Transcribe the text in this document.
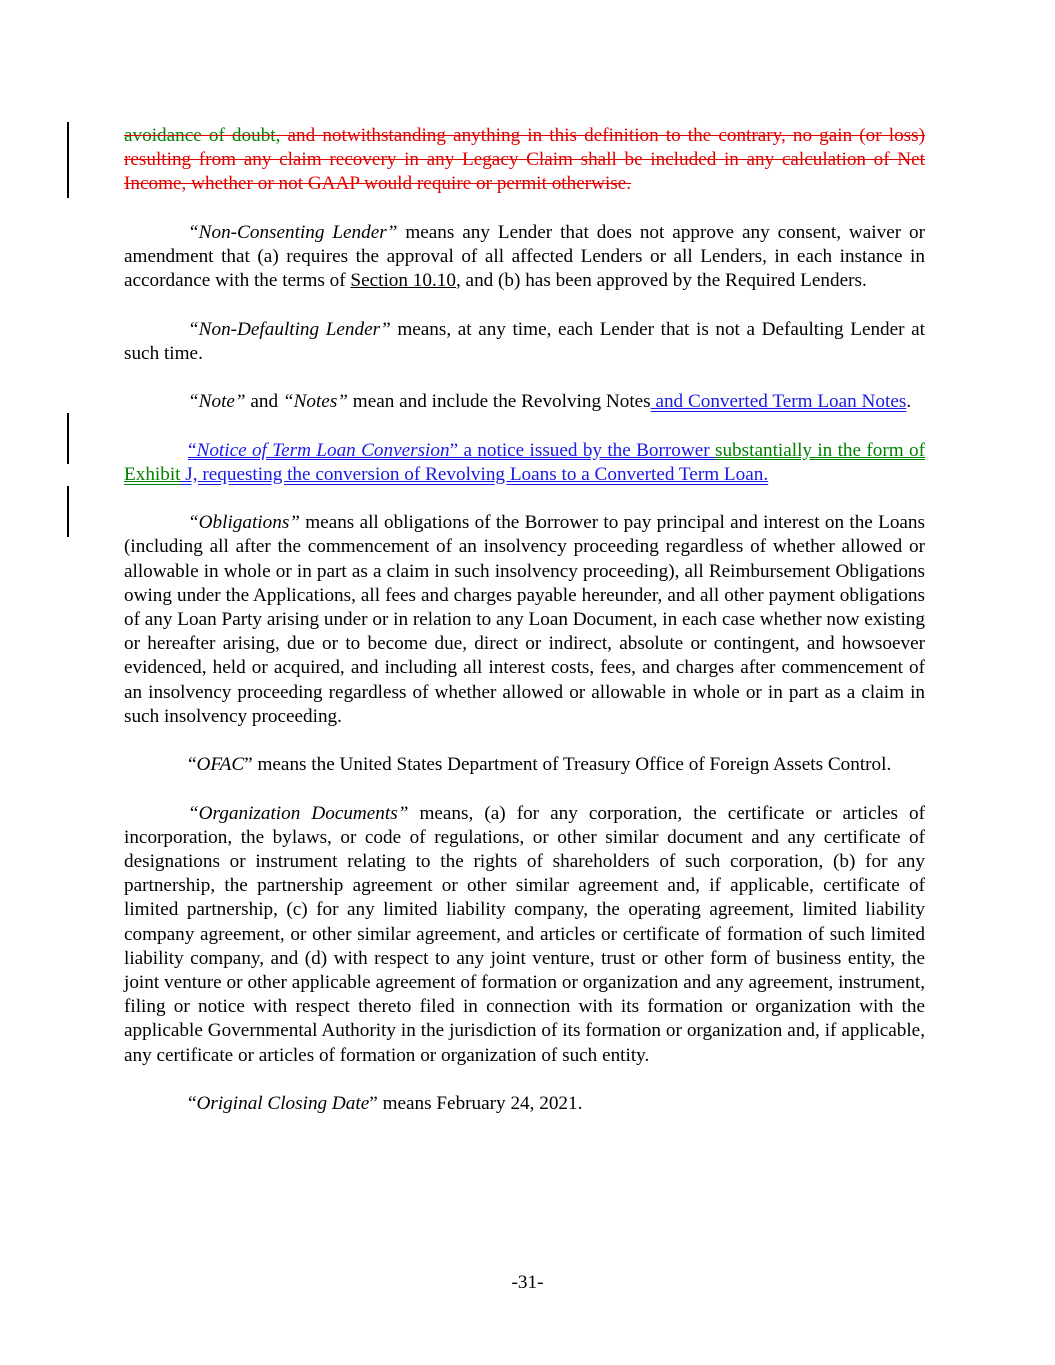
avoidance of doubt, and notwithstanding anything in this definition to the contrary, no gain (or loss) resulting from any claim recovery in any Legacy Claim shall be included in any calculation of Net Income, whether or not GAAP would require or permit otherwise.

“Non-Consenting Lender” means any Lender that does not approve any consent, waiver or amendment that (a) requires the approval of all affected Lenders or all Lenders, in each instance in accordance with the terms of Section 10.10, and (b) has been approved by the Required Lenders.

“Non-Defaulting Lender” means, at any time, each Lender that is not a Defaulting Lender at such time.

“Note” and “Notes” mean and include the Revolving Notes and Converted Term Loan Notes.

“Notice of Term Loan Conversion” a notice issued by the Borrower substantially in the form of Exhibit J, requesting the conversion of Revolving Loans to a Converted Term Loan.

“Obligations” means all obligations of the Borrower to pay principal and interest on the Loans (including all after the commencement of an insolvency proceeding regardless of whether allowed or allowable in whole or in part as a claim in such insolvency proceeding), all Reimbursement Obligations owing under the Applications, all fees and charges payable hereunder, and all other payment obligations of any Loan Party arising under or in relation to any Loan Document, in each case whether now existing or hereafter arising, due or to become due, direct or indirect, absolute or contingent, and howsoever evidenced, held or acquired, and including all interest costs, fees, and charges after commencement of an insolvency proceeding regardless of whether allowed or allowable in whole or in part as a claim in such insolvency proceeding.

“OFAC” means the United States Department of Treasury Office of Foreign Assets Control.

“Organization Documents” means, (a) for any corporation, the certificate or articles of incorporation, the bylaws, or code of regulations, or other similar document and any certificate of designations or instrument relating to the rights of shareholders of such corporation, (b) for any partnership, the partnership agreement or other similar agreement and, if applicable, certificate of limited partnership, (c) for any limited liability company, the operating agreement, limited liability company agreement, or other similar agreement, and articles or certificate of formation of such limited liability company, and (d) with respect to any joint venture, trust or other form of business entity, the joint venture or other applicable agreement of formation or organization and any agreement, instrument, filing or notice with respect thereto filed in connection with its formation or organization with the applicable Governmental Authority in the jurisdiction of its formation or organization and, if applicable, any certificate or articles of formation or organization of such entity.

“Original Closing Date” means February 24, 2021.

-31-
